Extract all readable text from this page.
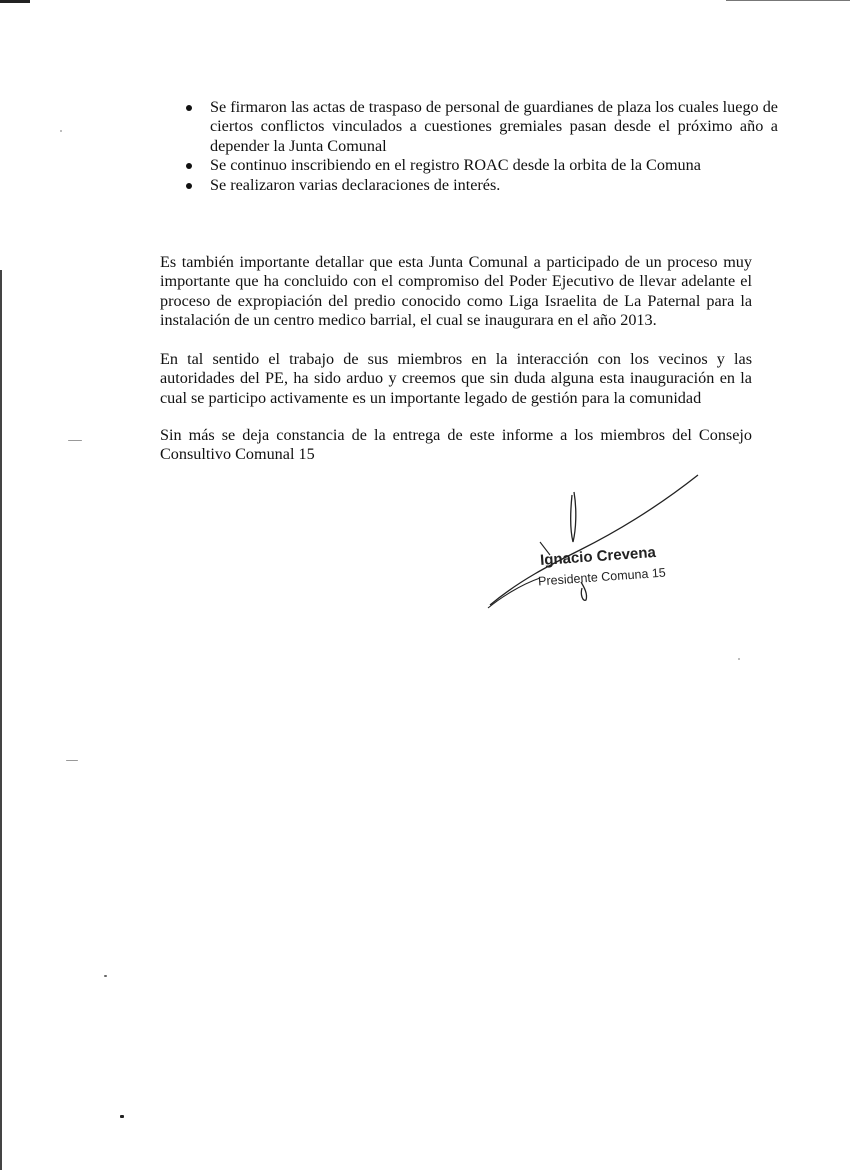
Se firmaron las actas de traspaso de personal de guardianes de plaza los cuales luego de ciertos conflictos vinculados a cuestiones gremiales pasan desde el próximo año a depender la Junta Comunal
Se continuo inscribiendo en el registro ROAC desde la orbita de la Comuna
Se realizaron varias declaraciones de interés.

Es también importante detallar que esta Junta Comunal a participado de un proceso muy importante que ha concluido con el compromiso del Poder Ejecutivo de llevar adelante el proceso de expropiación del predio conocido como Liga Israelita de La Paternal para la instalación de un centro medico barrial, el cual se inaugurara en el año 2013.

En tal sentido el trabajo de sus miembros en la interacción con los vecinos y las autoridades del PE, ha sido arduo y creemos que sin duda alguna esta inauguración en la cual se participo activamente es un importante legado de gestión para la comunidad

Sin más se deja constancia de la entrega de este informe a los miembros del Consejo Consultivo Comunal 15

Ignacio Crevena
Presidente Comuna 15
